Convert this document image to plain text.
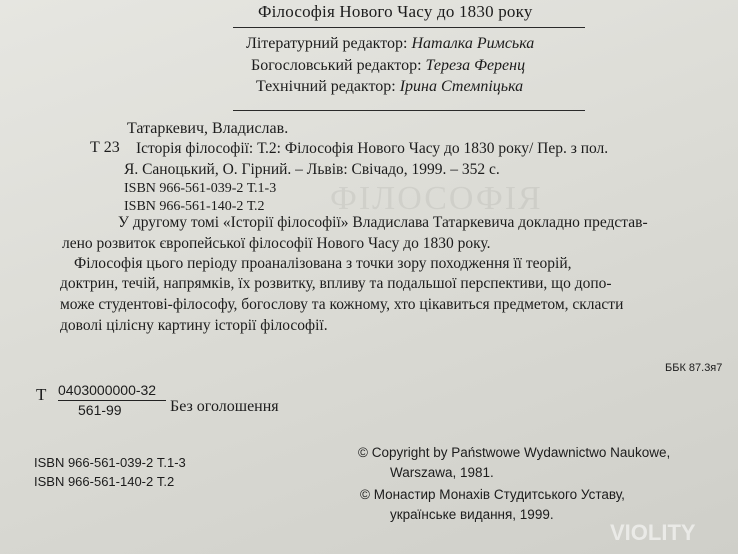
ФІЛОСОФІЯ
Філософія Нового Часу до 1830 року
Літературний редактор: Наталка Римська
Богословський редактор: Тереза Ференц
Технічний редактор: Ірина Стемпіцька
Татаркевич, Владислав.
Т 23 Історія філософії: Т.2: Філософія Нового Часу до 1830 року/ Пер. з пол.
Я. Саноцький, О. Гірний. – Львів: Свічадо, 1999. – 352 с.
ISBN 966-561-039-2 Т.1-3
ISBN 966-561-140-2 Т.2
У другому томі «Історії філософії» Владислава Татаркевича докладно представ-
лено розвиток європейської філософії Нового Часу до 1830 року.
Філософія цього періоду проаналізована з точки зору походження її теорій,
доктрин, течій, напрямків, їх розвитку, впливу та подальшої перспективи, що допо-
може студентові-філософу, богослову та кожному, хто цікавиться предметом, скласти
доволі цілісну картину історії філософії.
ББК 87.3я7
Т 0403000000-32
561-99	Без оголошення
ISBN 966-561-039-2 Т.1-3
ISBN 966-561-140-2 Т.2
© Copyright by Państwowe Wydawnictwo Naukowe,
Warszawa, 1981.
© Монастир Монахів Студитського Уставу,
українське видання, 1999.
VIOLITY
